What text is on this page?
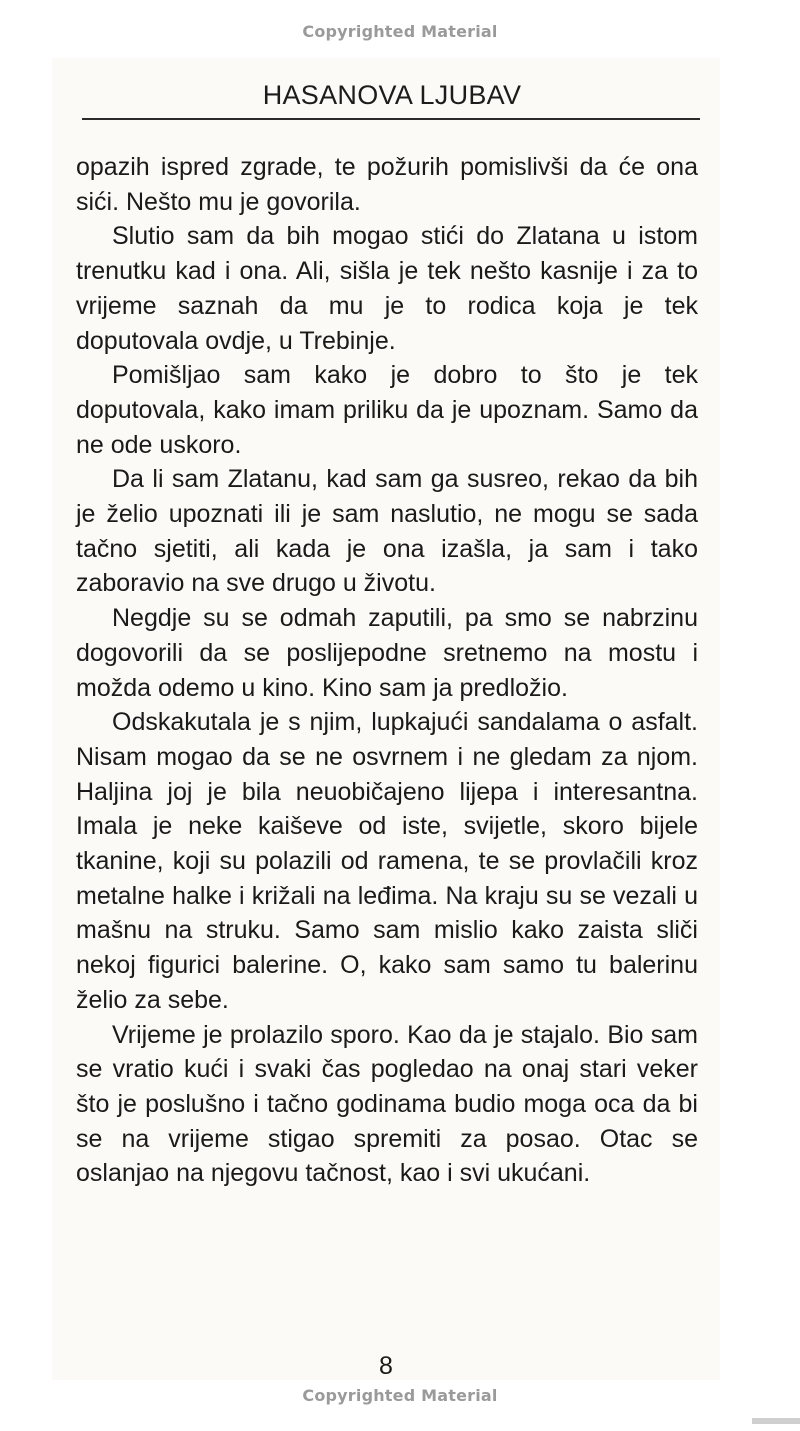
Copyrighted Material
HASANOVA LJUBAV

opazih ispred zgrade, te požurih pomislivši da će ona sići. Nešto mu je govorila.

Slutio sam da bih mogao stići do Zlatana u istom trenutku kad i ona. Ali, sišla je tek nešto kasnije i za to vrijeme saznah da mu je to rodica koja je tek doputovala ovdje, u Trebinje.

Pomišljao sam kako je dobro to što je tek doputovala, kako imam priliku da je upoznam. Samo da ne ode uskoro.

Da li sam Zlatanu, kad sam ga susreo, rekao da bih je želio upoznati ili je sam naslutio, ne mogu se sada tačno sjetiti, ali kada je ona izašla, ja sam i tako zaboravio na sve drugo u životu.

Negdje su se odmah zaputili, pa smo se nabrzinu dogovorili da se poslijepodne sretnemo na mostu i možda odemo u kino. Kino sam ja predložio.

Odskakutala je s njim, lupkajući sandalama o asfalt. Nisam mogao da se ne osvrnem i ne gledam za njom. Haljina joj je bila neuobičajeno lijepa i interesantna. Imala je neke kaiševe od iste, svijetle, skoro bijele tkanine, koji su polazili od ramena, te se provlačili kroz metalne halke i križali na leđima. Na kraju su se vezali u mašnu na struku. Samo sam mislio kako zaista sliči nekoj figurici balerine. O, kako sam samo tu balerinu želio za sebe.

Vrijeme je prolazilo sporo. Kao da je stajalo. Bio sam se vratio kući i svaki čas pogledao na onaj stari veker što je poslušno i tačno godinama budio moga oca da bi se na vrijeme stigao spremiti za posao. Otac se oslanjao na njegovu tačnost, kao i svi ukućani.

8
Copyrighted Material
